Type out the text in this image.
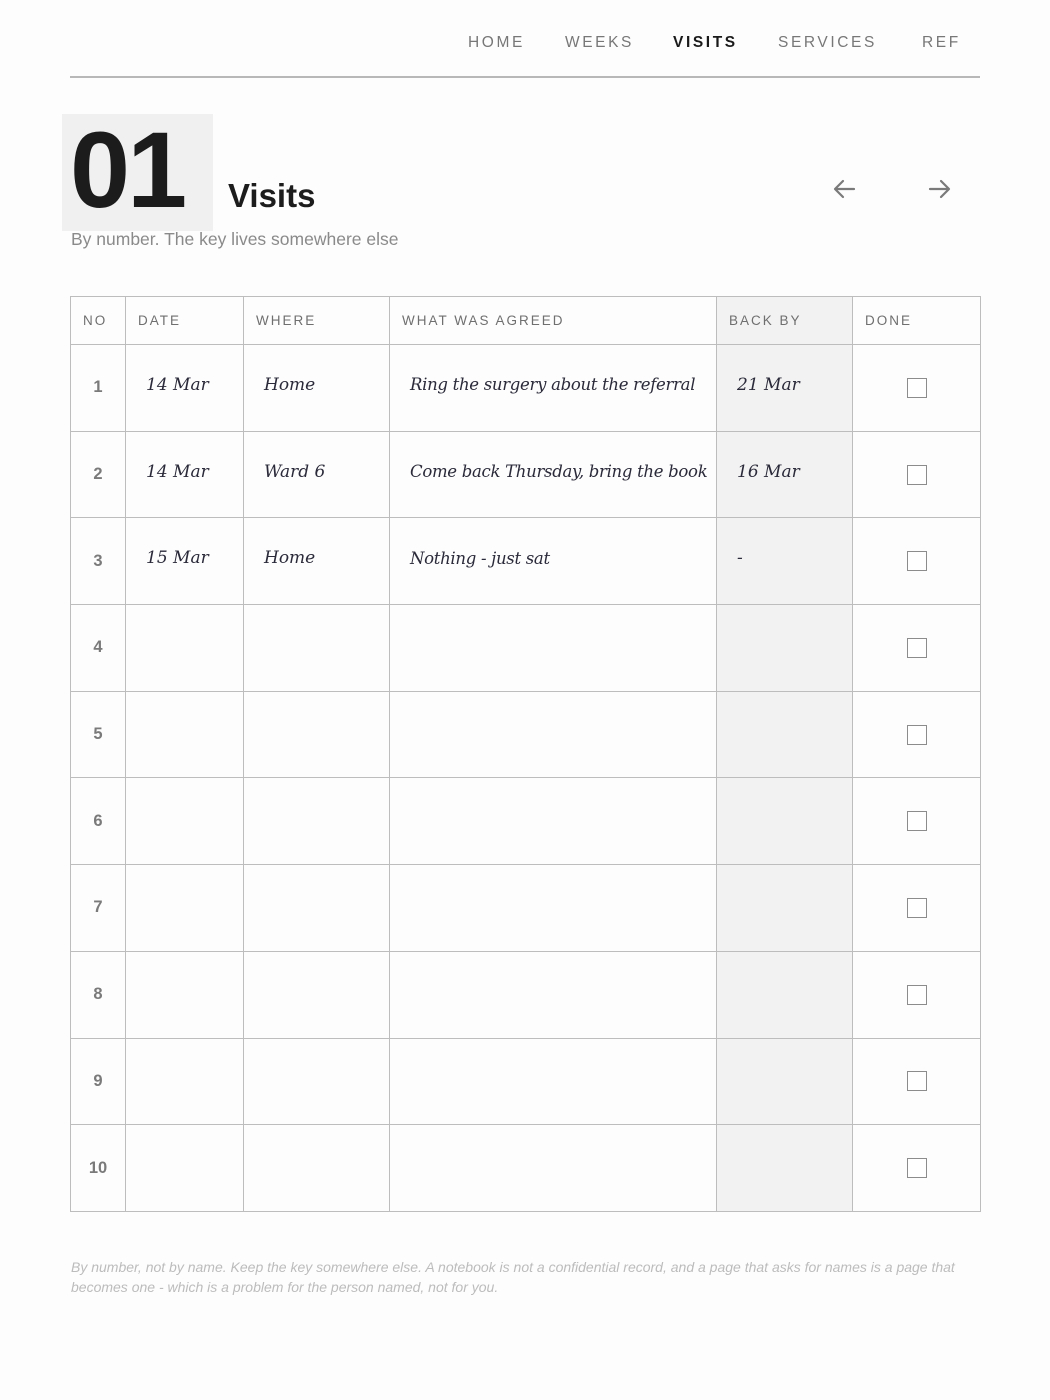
HOME	WEEKS	VISITS	SERVICES	REF
01 Visits
By number. The key lives somewhere else
NO	DATE	WHERE	WHAT WAS AGREED	BACK BY	DONE
1	14 Mar	Home	Ring the surgery about the referral	21 Mar	
2	14 Mar	Ward 6	Come back Thursday, bring the book	16 Mar	
3	15 Mar	Home	Nothing - just sat	-	
4					
5					
6					
7					
8					
9					
10					
By number, not by name. Keep the key somewhere else. A notebook is not a confidential record, and a page that asks for names is a page that becomes one - which is a problem for the person named, not for you.
